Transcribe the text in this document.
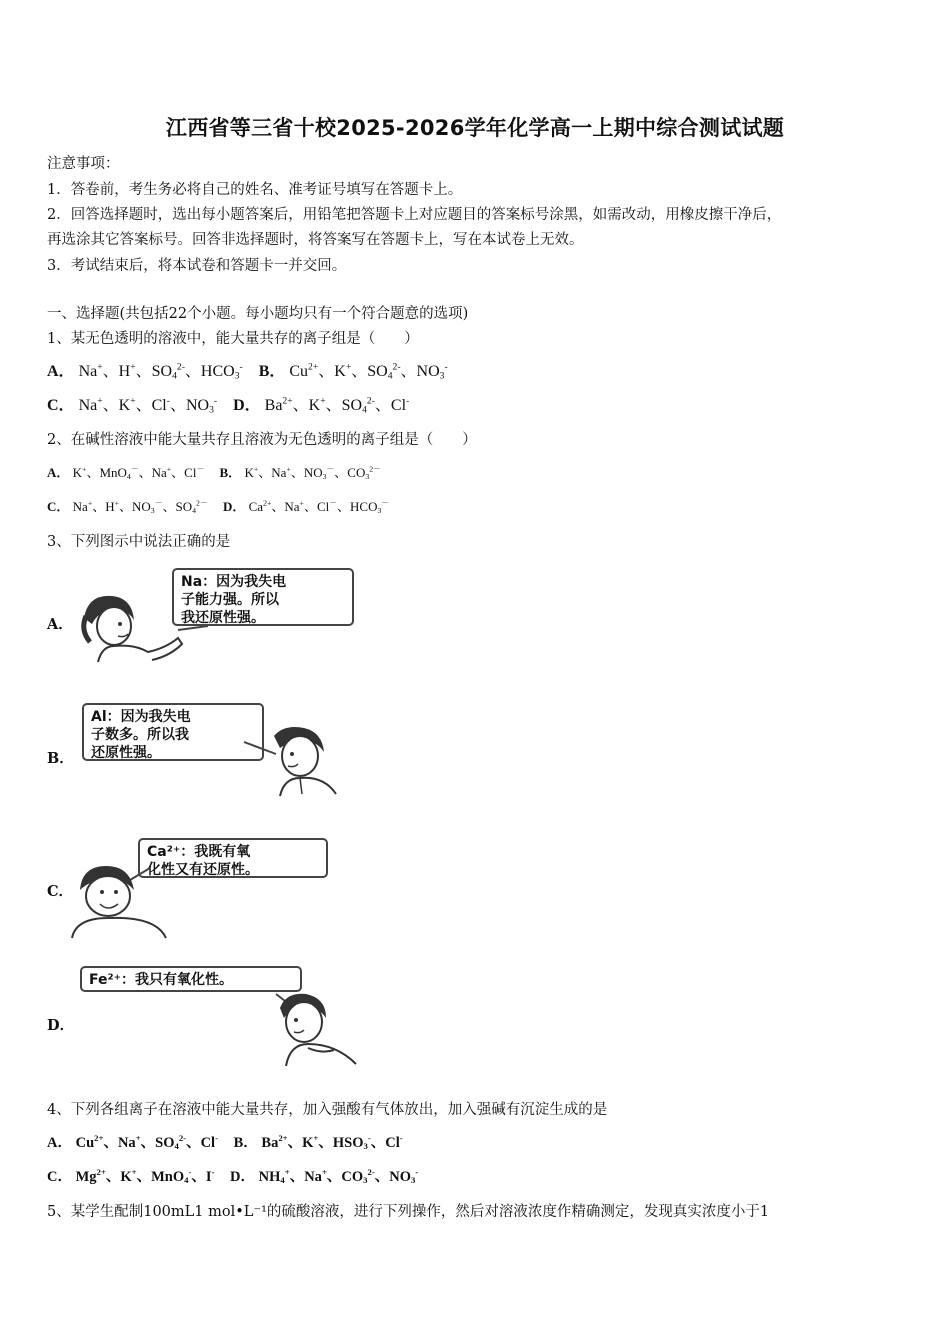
江西省等三省十校2025-2026学年化学高一上期中综合测试试题
注意事项：
1．答卷前，考生务必将自己的姓名、准考证号填写在答题卡上。
2．回答选择题时，选出每小题答案后，用铅笔把答题卡上对应题目的答案标号涂黑，如需改动，用橡皮擦干净后，
再选涂其它答案标号。回答非选择题时，将答案写在答题卡上，写在本试卷上无效。
3．考试结束后，将本试卷和答题卡一并交回。
一、选择题(共包括22个小题。每小题均只有一个符合题意的选项)
1、某无色透明的溶液中，能大量共存的离子组是（　　）
A． Na+、H+、$SO_4^{2-}$、$HCO_3^-$ B． $Cu^{2+}$、K+、$SO_4^{2-}$、$NO_3^-$
C． Na+、K+、Cl-、$NO_3^-$ D． $Ba^{2+}$、K+、$SO_4^{2-}$、Cl-
2、在碱性溶液中能大量共存且溶液为无色透明的离子组是（　　）
A． K+、MnO$_4$－、Na+、Cl－ B． K+、Na+、$NO_3^-$、$CO_3^{2-}$
C． Na+、H+、$NO_3^-$、$SO_4^{2-}$ D． $Ca^{2+}$、Na+、Cl－、$HCO_3^-$
3、下列图示中说法正确的是
A．
Na：因为我失电
子能力强。所以
我还原性强。
B．
Al：因为我失电
子数多。所以我
还原性强。
C．
Ca²⁺：我既有氧
化性又有还原性。
D．
Fe²⁺：我只有氧化性。
4、下列各组离子在溶液中能大量共存，加入强酸有气体放出，加入强碱有沉淀生成的是
A． $Cu^{2+}$、Na+、$SO_4^{2-}$、Cl- B． $Ba^{2+}$、K+、$HSO_3^-$、Cl-
C． $Mg^{2+}$、K+、MnO$_4$-、I- D． $NH_4^+$、Na+、$CO_3^{2-}$、$NO_3^-$
5、某学生配制100mL1 mol•L⁻¹的硫酸溶液，进行下列操作，然后对溶液浓度作精确测定，发现真实浓度小于1
